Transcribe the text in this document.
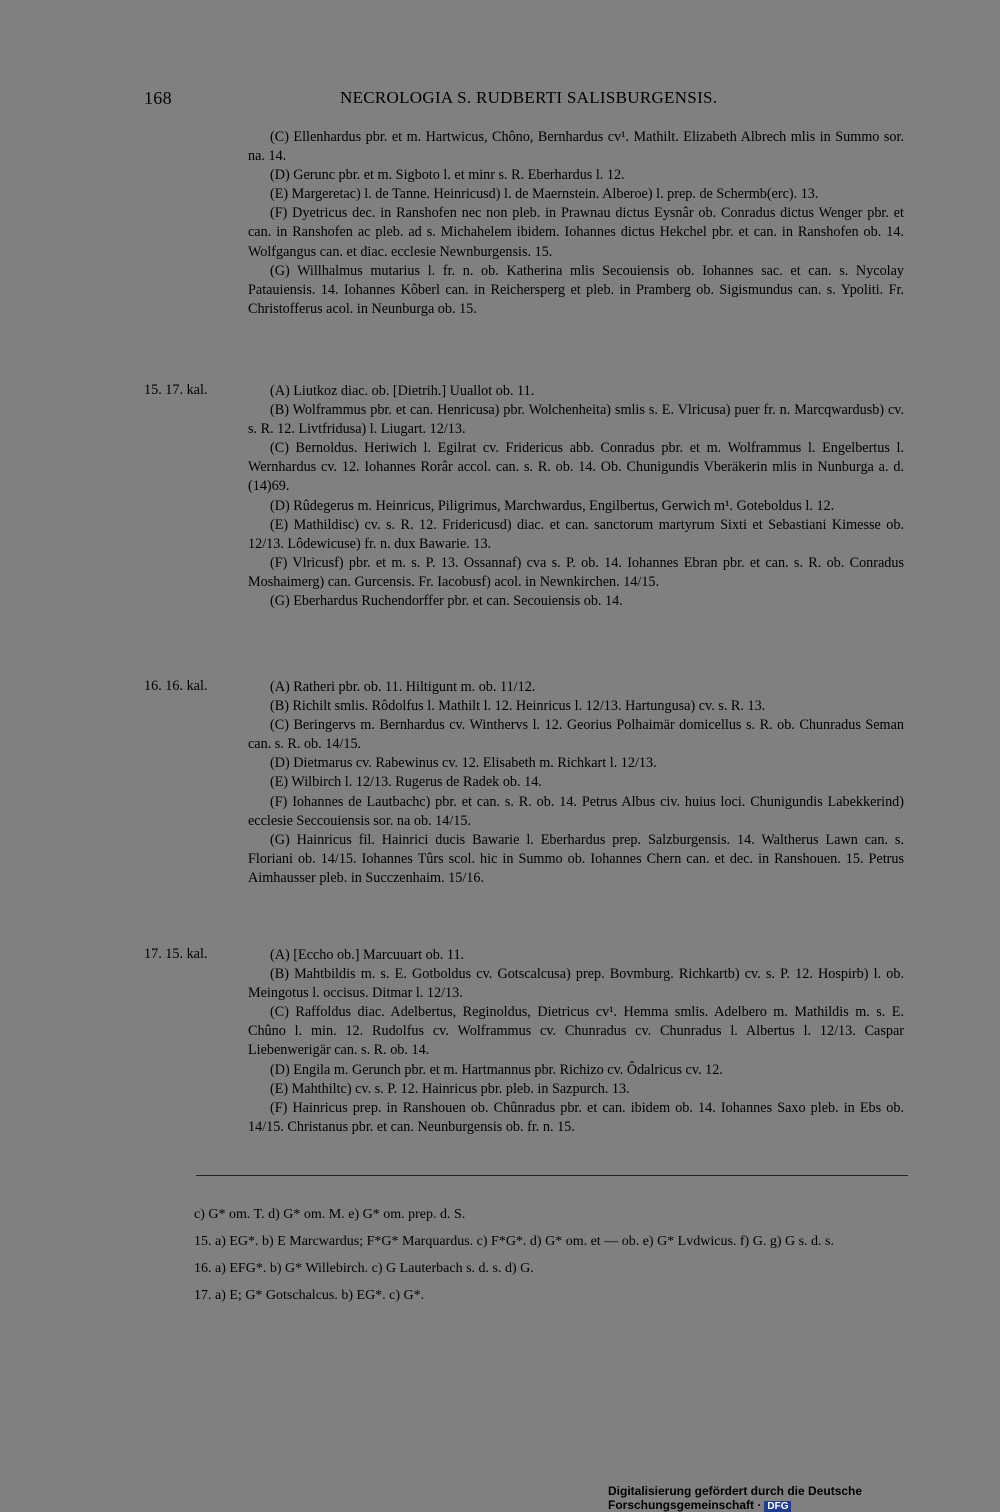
168	NECROLOGIA S. RUDBERTI SALISBURGENSIS.

(C) Ellenhardus pbr. et m. Hartwicus, Chôno, Bernhardus cv¹. Mathilt. Elizabeth Albrech mlis in Summo sor. na. 14.

(D) Gerunc pbr. et m. Sigboto l. et minr s. R. Eberhardus l. 12.

(E) Margeretac) l. de Tanne. Heinricusd) l. de Maernstein. Alberoe) l. prep. de Schermb(erc). 13.

(F) Dyetricus dec. in Ranshofen nec non pleb. in Prawnau dictus Eysnâr ob. Conradus dictus Wenger pbr. et can. in Ranshofen ac pleb. ad s. Michahelem ibidem. Iohannes dictus Hekchel pbr. et can. in Ranshofen ob. 14. Wolfgangus can. et diac. ecclesie Newnburgensis. 15.

(G) Willhalmus mutarius l. fr. n. ob. Katherina mlis Secouiensis ob. Iohannes sac. et can. s. Nycolay Patauiensis. 14. Iohannes Kôberl can. in Reichersperg et pleb. in Pramberg ob. Sigismundus can. s. Ypoliti. Fr. Christofferus acol. in Neunburga ob. 15.

15. 17. kal.	(A) Liutkoz diac. ob. [Dietrih.] Uuallot ob. 11.

(B) Wolframmus pbr. et can. Henricusa) pbr. Wolchenheita) smlis s. E. Vlricusa) puer fr. n. Marcqwardusb) cv. s. R. 12. Livtfridusa) l. Liugart. 12/13.

(C) Bernoldus. Heriwich l. Egilrat cv. Fridericus abb. Conradus pbr. et m. Wolframmus l. Engelbertus l. Wernhardus cv. 12. Iohannes Rorâr accol. can. s. R. ob. 14. Ob. Chunigundis Vberäkerin mlis in Nunburga a. d. (14)69.

(D) Rûdegerus m. Heinricus, Piligrimus, Marchwardus, Engilbertus, Gerwich m¹. Goteboldus l. 12.

(E) Mathildisc) cv. s. R. 12. Fridericusd) diac. et can. sanctorum martyrum Sixti et Sebastiani Kimesse ob. 12/13. Lôdewicuse) fr. n. dux Bawarie. 13.

(F) Vlricusf) pbr. et m. s. P. 13. Ossannaf) cva s. P. ob. 14. Iohannes Ebran pbr. et can. s. R. ob. Conradus Moshaimerg) can. Gurcensis. Fr. Iacobusf) acol. in Newnkirchen. 14/15.

(G) Eberhardus Ruchendorffer pbr. et can. Secouiensis ob. 14.

16. 16. kal.	(A) Ratheri pbr. ob. 11. Hiltigunt m. ob. 11/12.

(B) Richilt smlis. Rôdolfus l. Mathilt l. 12. Heinricus l. 12/13. Hartungusa) cv. s. R. 13.

(C) Beringervs m. Bernhardus cv. Winthervs l. 12. Georius Polhaimär domicellus s. R. ob. Chunradus Seman can. s. R. ob. 14/15.

(D) Dietmarus cv. Rabewinus cv. 12. Elisabeth m. Richkart l. 12/13.

(E) Wilbirch l. 12/13. Rugerus de Radek ob. 14.

(F) Iohannes de Lautbachc) pbr. et can. s. R. ob. 14. Petrus Albus civ. huius loci. Chunigundis Labekkerind) ecclesie Seccouiensis sor. na ob. 14/15.

(G) Hainricus fil. Hainrici ducis Bawarie l. Eberhardus prep. Salzburgensis. 14. Waltherus Lawn can. s. Floriani ob. 14/15. Iohannes Tûrs scol. hic in Summo ob. Iohannes Chern can. et dec. in Ranshouen. 15. Petrus Aimhausser pleb. in Succzenhaim. 15/16.

17. 15. kal.	(A) [Eccho ob.] Marcuuart ob. 11.

(B) Mahtbildis m. s. E. Gotboldus cv. Gotscalcusa) prep. Bovmburg. Richkartb) cv. s. P. 12. Hospirb) l. ob. Meingotus l. occisus. Ditmar l. 12/13.

(C) Raffoldus diac. Adelbertus, Reginoldus, Dietricus cv¹. Hemma smlis. Adelbero m. Mathildis m. s. E. Chûno l. min. 12. Rudolfus cv. Wolframmus cv. Chunradus cv. Chunradus l. Albertus l. 12/13. Caspar Liebenwerigär can. s. R. ob. 14.

(D) Engila m. Gerunch pbr. et m. Hartmannus pbr. Richizo cv. Ôdalricus cv. 12.

(E) Mahthiltc) cv. s. P. 12. Hainricus pbr. pleb. in Sazpurch. 13.

(F) Hainricus prep. in Ranshouen ob. Chûnradus pbr. et can. ibidem ob. 14. Iohannes Saxo pleb. in Ebs ob. 14/15. Christanus pbr. et can. Neunburgensis ob. fr. n. 15.

c) G* om. T. d) G* om. M. e) G* om. prep. d. S.

15. a) EG*. b) E Marcwardus; F*G* Marquardus. c) F*G*. d) G* om. et — ob. e) G* Lvdwicus. f) G. g) G s. d. s.

16. a) EFG*. b) G* Willebirch. c) G Lauterbach s. d. s. d) G.

17. a) E; G* Gotschalcus. b) EG*. c) G*.

Digitalisierung gefördert durch die Deutsche Forschungsgemeinschaft · DFG
